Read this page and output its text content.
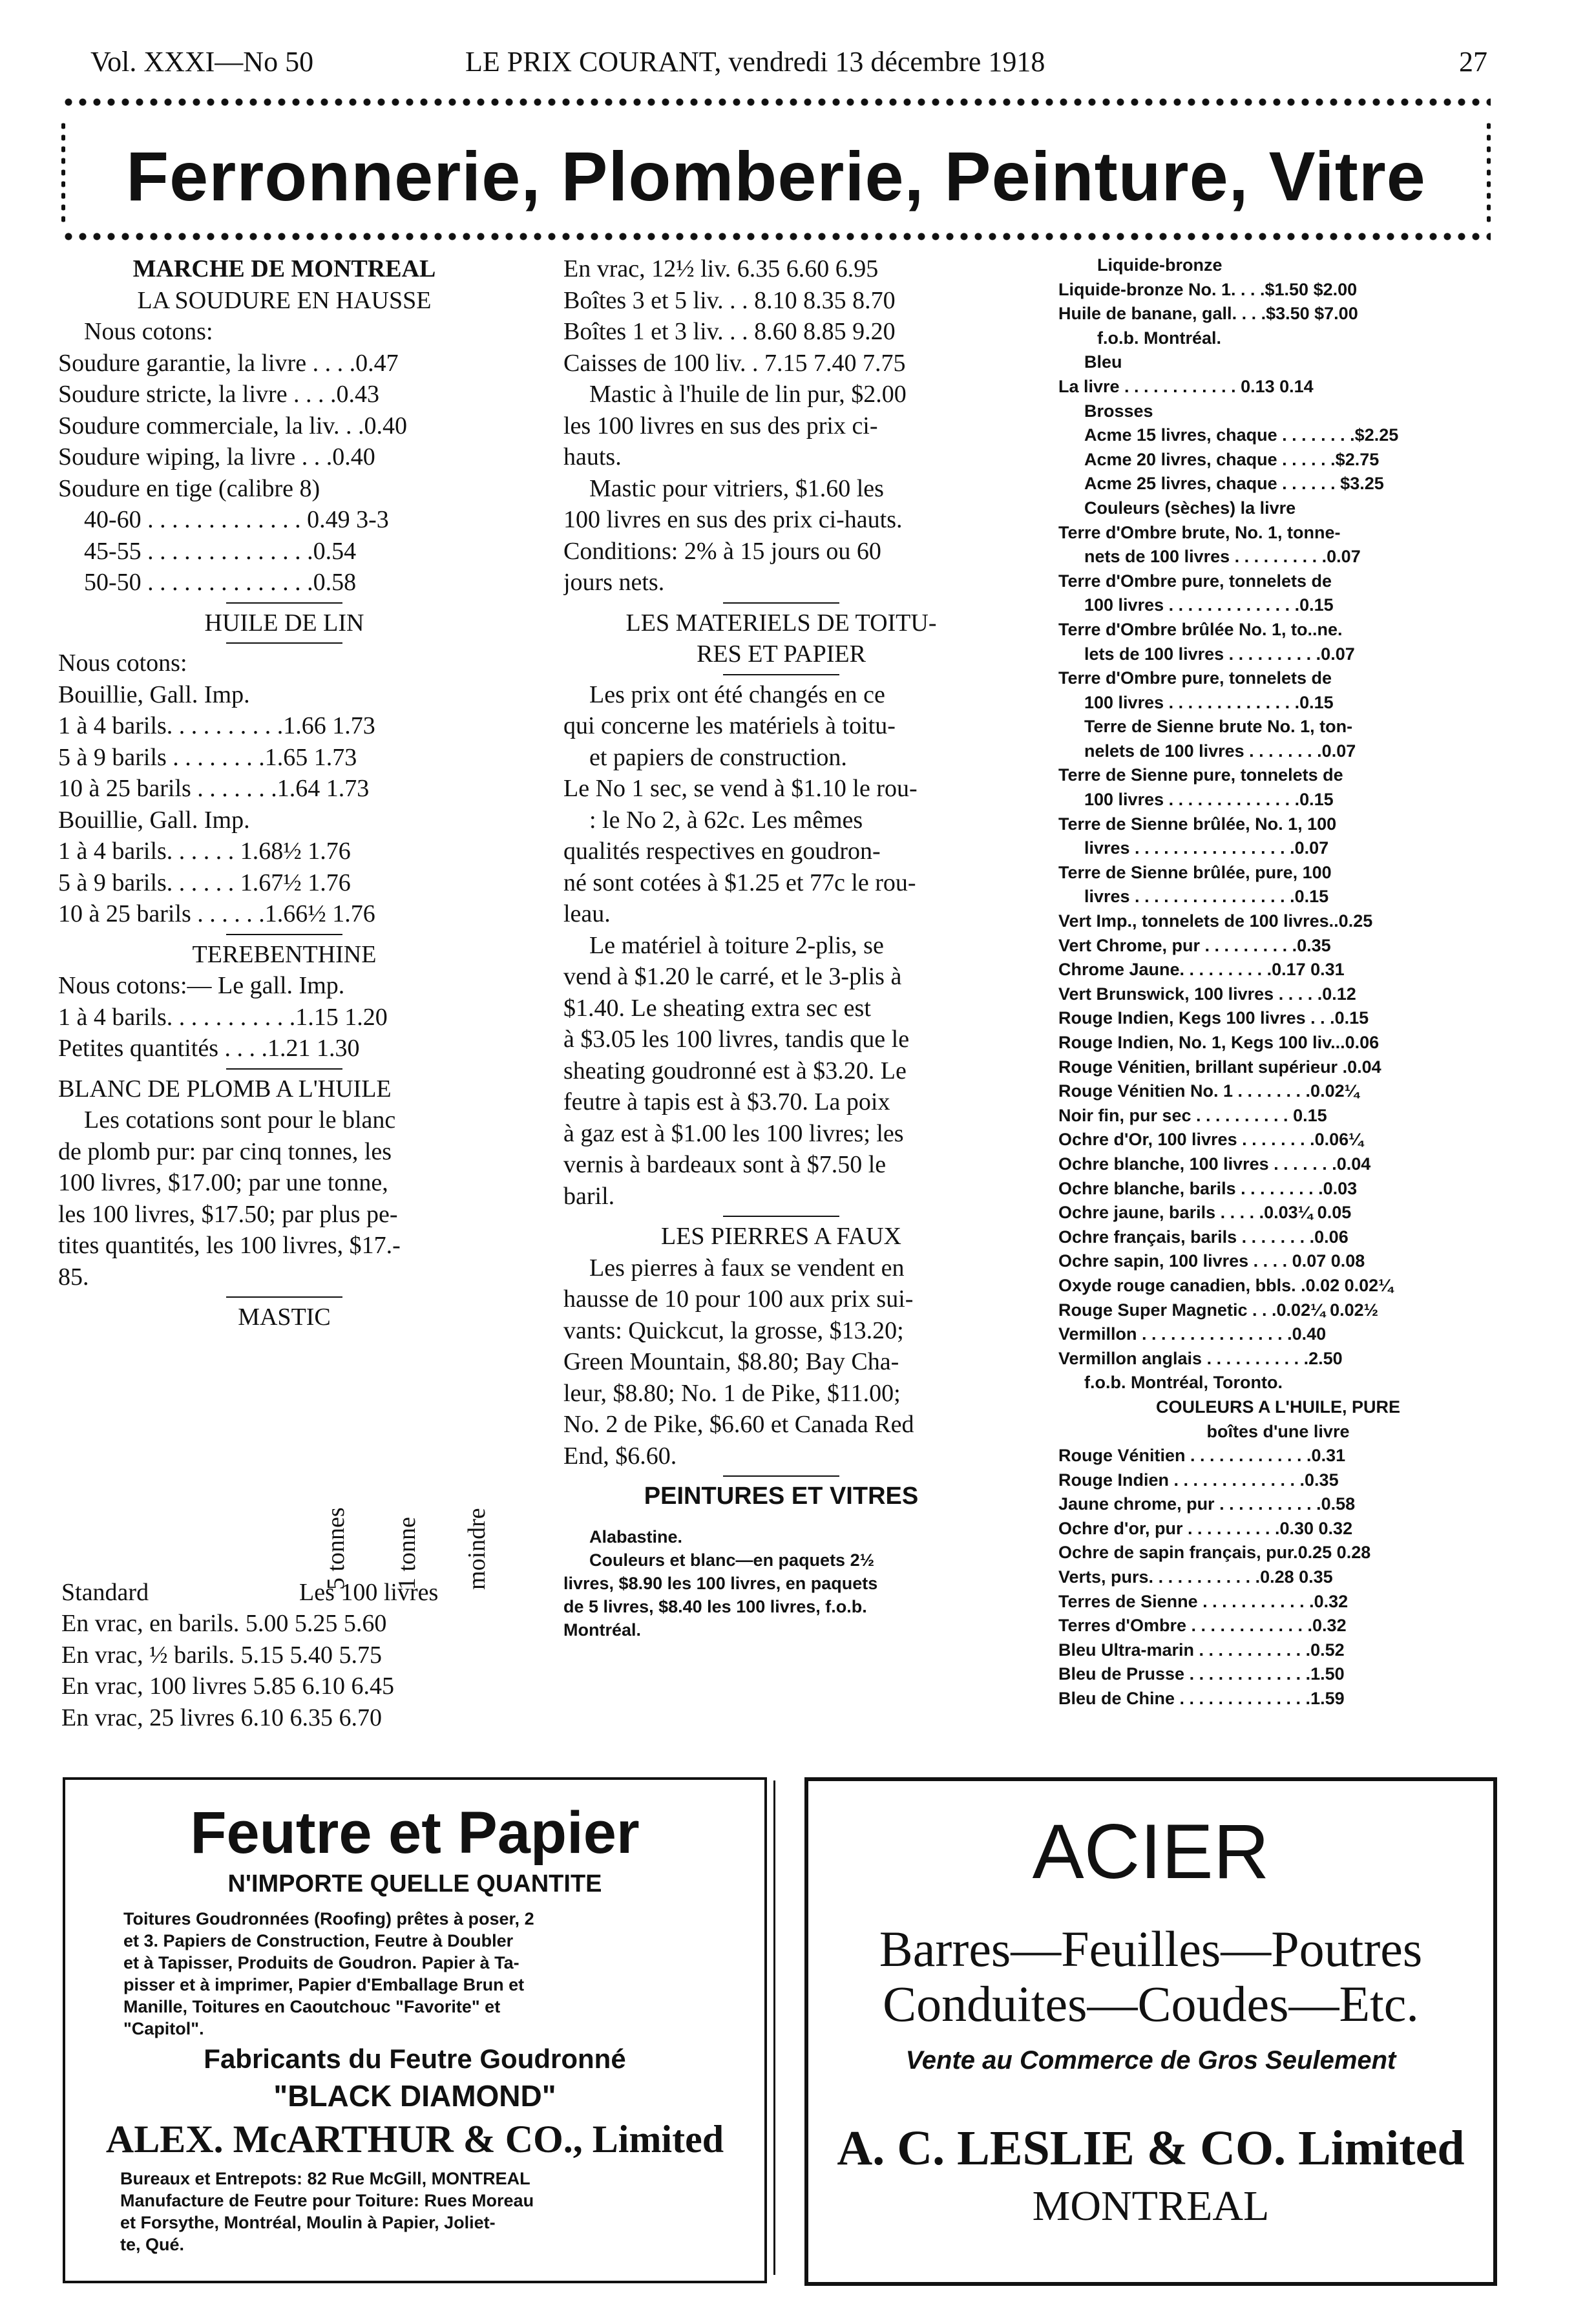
Vol. XXXI—No 50	LE PRIX COURANT, vendredi 13 décembre 1918	27
Ferronnerie, Plomberie, Peinture, Vitre
MARCHE DE MONTREAL
LA SOUDURE EN HAUSSE
Nous cotons:
Soudure garantie, la livre . . . .0.47
Soudure stricte, la livre . . . .0.43
Soudure commerciale, la liv. . .0.40
Soudure wiping, la livre . . .0.40
Soudure en tige (calibre 8)
40-60 . . . . . . . . . . . . . 0.49 3-3
45-55 . . . . . . . . . . . . . .0.54
50-50 . . . . . . . . . . . . . .0.58
HUILE DE LIN
Nous cotons:
Bouillie, Gall. Imp.
1 à 4 barils. . . . . . . . . .1.66 1.73
5 à 9 barils . . . . . . . .1.65 1.73
10 à 25 barils . . . . . . .1.64 1.73
Bouillie, Gall. Imp.
1 à 4 barils. . . . . . 1.68½ 1.76
5 à 9 barils. . . . . . 1.67½ 1.76
10 à 25 barils . . . . . .1.66½ 1.76
TEREBENTHINE
Nous cotons:— Le gall. Imp.
1 à 4 barils. . . . . . . . . . .1.15 1.20
Petites quantités . . . .1.21 1.30
BLANC DE PLOMB A L'HUILE
Les cotations sont pour le blanc
de plomb pur: par cinq tonnes, les
100 livres, $17.00; par une tonne,
les 100 livres, $17.50; par plus pe-
tites quantités, les 100 livres, $17.-
85.
MASTIC
5 tonnes 1 tonne moindre
Standard	Les 100 livres
En vrac, en barils. 5.00 5.25 5.60
En vrac, ½ barils. 5.15 5.40 5.75
En vrac, 100 livres 5.85 6.10 6.45
En vrac, 25 livres 6.10 6.35 6.70
En vrac, 12½ liv. 6.35 6.60 6.95
Boîtes 3 et 5 liv. . . 8.10 8.35 8.70
Boîtes 1 et 3 liv. . . 8.60 8.85 9.20
Caisses de 100 liv. . 7.15 7.40 7.75
Mastic à l'huile de lin pur, $2.00
les 100 livres en sus des prix ci-
hauts.
Mastic pour vitriers, $1.60 les
100 livres en sus des prix ci-hauts.
Conditions: 2% à 15 jours ou 60
jours nets.
LES MATERIELS DE TOITU-
RES ET PAPIER
Les prix ont été changés en ce
qui concerne les matériels à toitu-
et papiers de construction.
Le No 1 sec, se vend à $1.10 le rou-
: le No 2, à 62c. Les mêmes
qualités respectives en goudron-
né sont cotées à $1.25 et 77c le rou-
leau.
Le matériel à toiture 2-plis, se
vend à $1.20 le carré, et le 3-plis à
$1.40. Le sheating extra sec est
à $3.05 les 100 livres, tandis que le
sheating goudronné est à $3.20. Le
feutre à tapis est à $3.70. La poix
à gaz est à $1.00 les 100 livres; les
vernis à bardeaux sont à $7.50 le
baril.
LES PIERRES A FAUX
Les pierres à faux se vendent en
hausse de 10 pour 100 aux prix sui-
vants: Quickcut, la grosse, $13.20;
Green Mountain, $8.80; Bay Cha-
leur, $8.80; No. 1 de Pike, $11.00;
No. 2 de Pike, $6.60 et Canada Red
End, $6.60.
PEINTURES ET VITRES
Alabastine.
Couleurs et blanc—en paquets 2½
livres, $8.90 les 100 livres, en paquets
de 5 livres, $8.40 les 100 livres, f.o.b.
Montréal.
Liquide-bronze
Liquide-bronze No. 1. . . .$1.50 $2.00
Huile de banane, gall. . . .$3.50 $7.00
f.o.b. Montréal.
Bleu
La livre . . . . . . . . . . . . 0.13 0.14
Brosses
Acme 15 livres, chaque . . . . . . . .$2.25
Acme 20 livres, chaque . . . . . .$2.75
Acme 25 livres, chaque . . . . . . $3.25
Couleurs (sèches) la livre
Terre d'Ombre brute, No. 1, tonne-
nets de 100 livres . . . . . . . . . .0.07
Terre d'Ombre pure, tonnelets de
100 livres . . . . . . . . . . . . . .0.15
Terre d'Ombre brûlée No. 1, to..ne.
lets de 100 livres . . . . . . . . . .0.07
Terre d'Ombre pure, tonnelets de
100 livres . . . . . . . . . . . . . .0.15
Terre de Sienne brute No. 1, ton-
nelets de 100 livres . . . . . . . .0.07
Terre de Sienne pure, tonnelets de
100 livres . . . . . . . . . . . . . .0.15
Terre de Sienne brûlée, No. 1, 100
livres . . . . . . . . . . . . . . . . .0.07
Terre de Sienne brûlée, pure, 100
livres . . . . . . . . . . . . . . . . .0.15
Vert Imp., tonnelets de 100 livres..0.25
Vert Chrome, pur . . . . . . . . . .0.35
Chrome Jaune. . . . . . . . . .0.17 0.31
Vert Brunswick, 100 livres . . . . .0.12
Rouge Indien, Kegs 100 livres . . .0.15
Rouge Indien, No. 1, Kegs 100 liv...0.06
Rouge Vénitien, brillant supérieur .0.04
Rouge Vénitien No. 1 . . . . . . . .0.02¼
Noir fin, pur sec . . . . . . . . . . 0.15
Ochre d'Or, 100 livres . . . . . . . .0.06¼
Ochre blanche, 100 livres . . . . . . .0.04
Ochre blanche, barils . . . . . . . . .0.03
Ochre jaune, barils . . . . .0.03¼ 0.05
Ochre français, barils . . . . . . . .0.06
Ochre sapin, 100 livres . . . . 0.07 0.08
Oxyde rouge canadien, bbls. .0.02 0.02¼
Rouge Super Magnetic . . .0.02¼ 0.02½
Vermillon . . . . . . . . . . . . . . . .0.40
Vermillon anglais . . . . . . . . . . .2.50
f.o.b. Montréal, Toronto.
COULEURS A L'HUILE, PURE
boîtes d'une livre
Rouge Vénitien . . . . . . . . . . . . .0.31
Rouge Indien . . . . . . . . . . . . . .0.35
Jaune chrome, pur . . . . . . . . . . .0.58
Ochre d'or, pur . . . . . . . . . .0.30 0.32
Ochre de sapin français, pur.0.25 0.28
Verts, purs. . . . . . . . . . . .0.28 0.35
Terres de Sienne . . . . . . . . . . . .0.32
Terres d'Ombre . . . . . . . . . . . . .0.32
Bleu Ultra-marin . . . . . . . . . . . .0.52
Bleu de Prusse . . . . . . . . . . . . .1.50
Bleu de Chine . . . . . . . . . . . . . .1.59
Feutre et Papier
N'IMPORTE QUELLE QUANTITE
Toitures Goudronnées (Roofing) prêtes à poser, 2
et 3. Papiers de Construction, Feutre à Doubler
et à Tapisser, Produits de Goudron. Papier à Ta-
pisser et à imprimer, Papier d'Emballage Brun et
Manille, Toitures en Caoutchouc "Favorite" et
"Capitol".
Fabricants du Feutre Goudronné
"BLACK DIAMOND"
ALEX. McARTHUR & CO., Limited
Bureaux et Entrepots: 82 Rue McGill, MONTREAL
Manufacture de Feutre pour Toiture: Rues Moreau
et Forsythe, Montréal, Moulin à Papier, Joliet-
te, Qué.
ACIER
Barres—Feuilles—Poutres
Conduites—Coudes—Etc.
Vente au Commerce de Gros Seulement
A. C. LESLIE & CO. Limited
MONTREAL
